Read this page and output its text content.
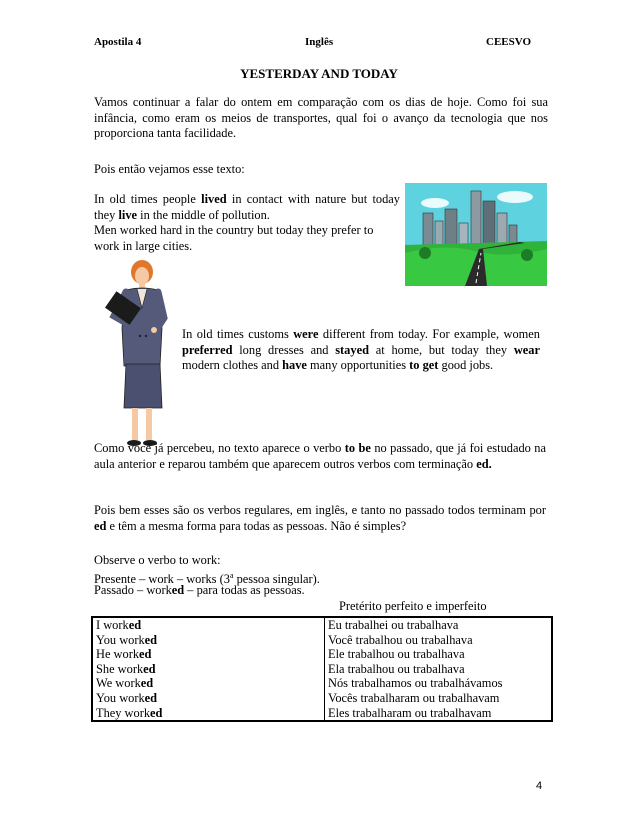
Apostila 4	Inglês	CEESVO
YESTERDAY AND TODAY
Vamos continuar a falar do ontem em comparação com os dias de hoje. Como foi sua infância, como eram os meios de transportes, qual foi o avanço da tecnologia que nos proporciona tanta facilidade.
Pois então vejamos esse texto:

In old times people lived in contact with nature but today they live in the middle of pollution.

Men worked hard in the country but today they prefer to work in large cities.

In old times customs were different from today. For example, women preferred long dresses and stayed at home, but today they wear modern clothes and have many opportunities to get good jobs.

Como você já percebeu, no texto aparece o verbo to be no passado, que já foi estudado na aula anterior e reparou também que aparecem outros verbos com terminação ed.

Pois bem esses são os verbos regulares, em inglês, e tanto no passado todos terminam por ed e têm a mesma forma para todas as pessoas. Não é simples?

Observe o verbo to work:
Presente – work – works (3$^a$ pessoa singular).
Passado – worked – para todas as pessoas.
Pretérito perfeito e imperfeito
I worked	Eu trabalhei ou trabalhava
You worked	Você trabalhou ou trabalhava
He worked	Ele trabalhou ou trabalhava
She worked	Ela trabalhou ou trabalhava
We worked	Nós trabalhamos ou trabalhávamos
You worked	Vocês trabalharam ou trabalhavam
They worked	Eles trabalharam ou trabalhavam
4
